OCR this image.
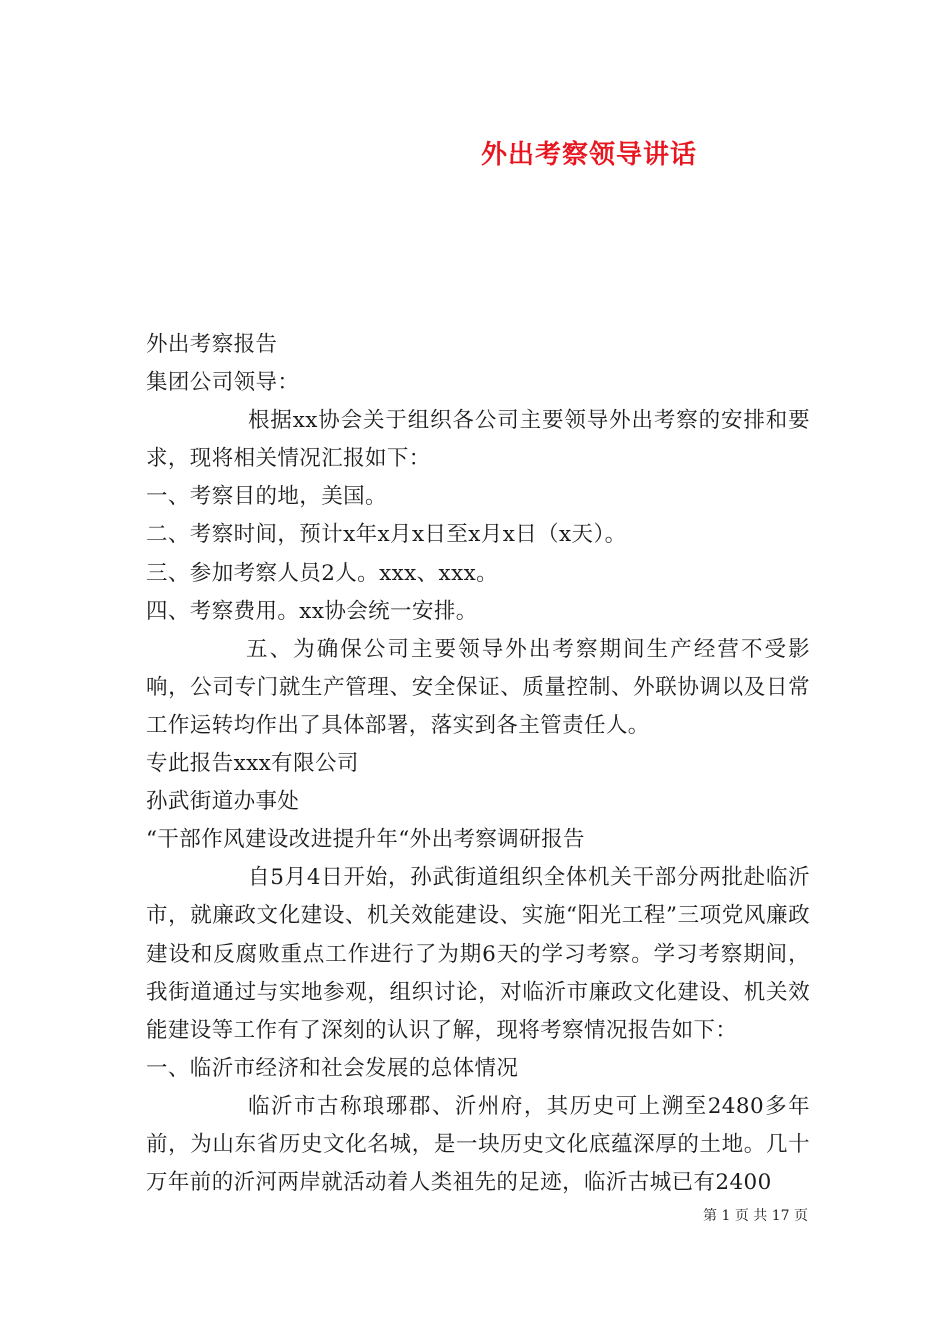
外出考察领导讲话

外出考察报告

集团公司领导：

根据xx协会关于组织各公司主要领导外出考察的安排和要求，现将相关情况汇报如下：

一、考察目的地，美国。

二、考察时间，预计x年x月x日至x月x日（x天）。

三、参加考察人员2人。xxx、xxx。

四、考察费用。xx协会统一安排。

五、为确保公司主要领导外出考察期间生产经营不受影响，公司专门就生产管理、安全保证、质量控制、外联协调以及日常工作运转均作出了具体部署，落实到各主管责任人。

专此报告xxx有限公司

孙武街道办事处

“干部作风建设改进提升年“外出考察调研报告

自5月4日开始，孙武街道组织全体机关干部分两批赴临沂市，就廉政文化建设、机关效能建设、实施“阳光工程”三项党风廉政建设和反腐败重点工作进行了为期6天的学习考察。学习考察期间，我街道通过与实地参观，组织讨论，对临沂市廉政文化建设、机关效能建设等工作有了深刻的认识了解，现将考察情况报告如下：

一、临沂市经济和社会发展的总体情况

临沂市古称琅琊郡、沂州府，其历史可上溯至2480多年前，为山东省历史文化名城，是一块历史文化底蕴深厚的土地。几十万年前的沂河两岸就活动着人类祖先的足迹，临沂古城已有2400

第 1 页 共 17 页
